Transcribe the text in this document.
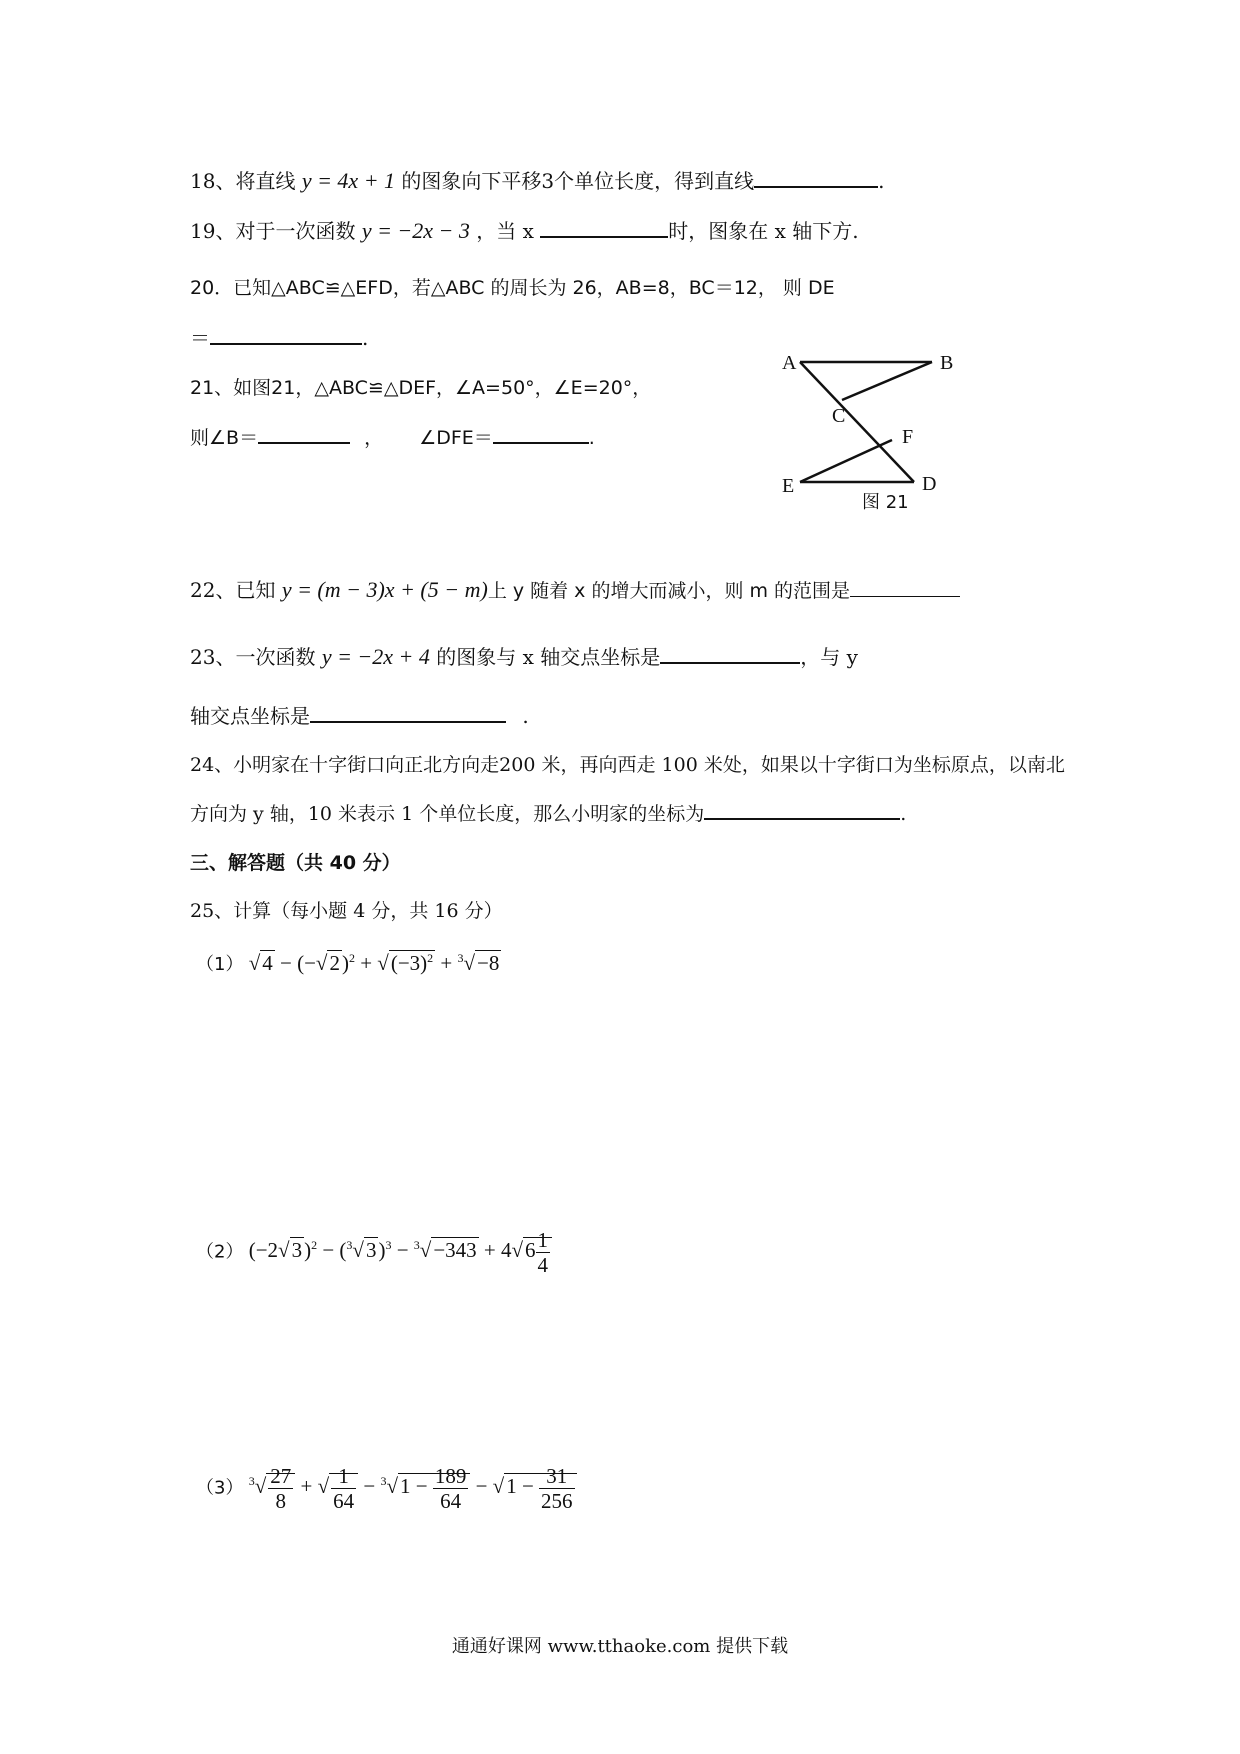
18、将直线 y = 4x + 1 的图象向下平移3个单位长度，得到直线	.
19、对于一次函数 y = −2x − 3 ，当 x	时，图象在 x 轴下方.
20．已知△ABC≌△EFD，若△ABC 的周长为 26，AB=8，BC＝12， 则 DE
＝	.
21、如图21，△ABC≌△DEF，∠A=50°，∠E=20°，
则∠B＝	， ∠DFE＝	.
A	B
C
F
E	D
图 21
22、已知 y = (m − 3)x + (5 − m)上 y 随着 x 的增大而减小，则 m 的范围是
23、一次函数 y = −2x + 4 的图象与 x 轴交点坐标是	，与 y
轴交点坐标是	.
24、小明家在十字街口向正北方向走200 米，再向西走 100 米处，如果以十字街口为坐标原点，以南北
方向为 y 轴，10 米表示 1 个单位长度，那么小明家的坐标为	.
三、解答题（共 40 分）
25、计算（每小题 4 分，共 16 分）
（1） $√4 - (-√2)^2 + √(-3)^2 + ^3√-8$
（2） $(-2√3)^2 - (^3√3)^3 - ^3√-343 + 4√6 \frac{1}{4}$
（3） $^3√ \frac{27}{8}$ + √ $\frac{1}{64} - ^3√1 - \frac{189}{64} - √1 - \frac{31}{256}$
通通好课网 www.tthaoke.com 提供下载
